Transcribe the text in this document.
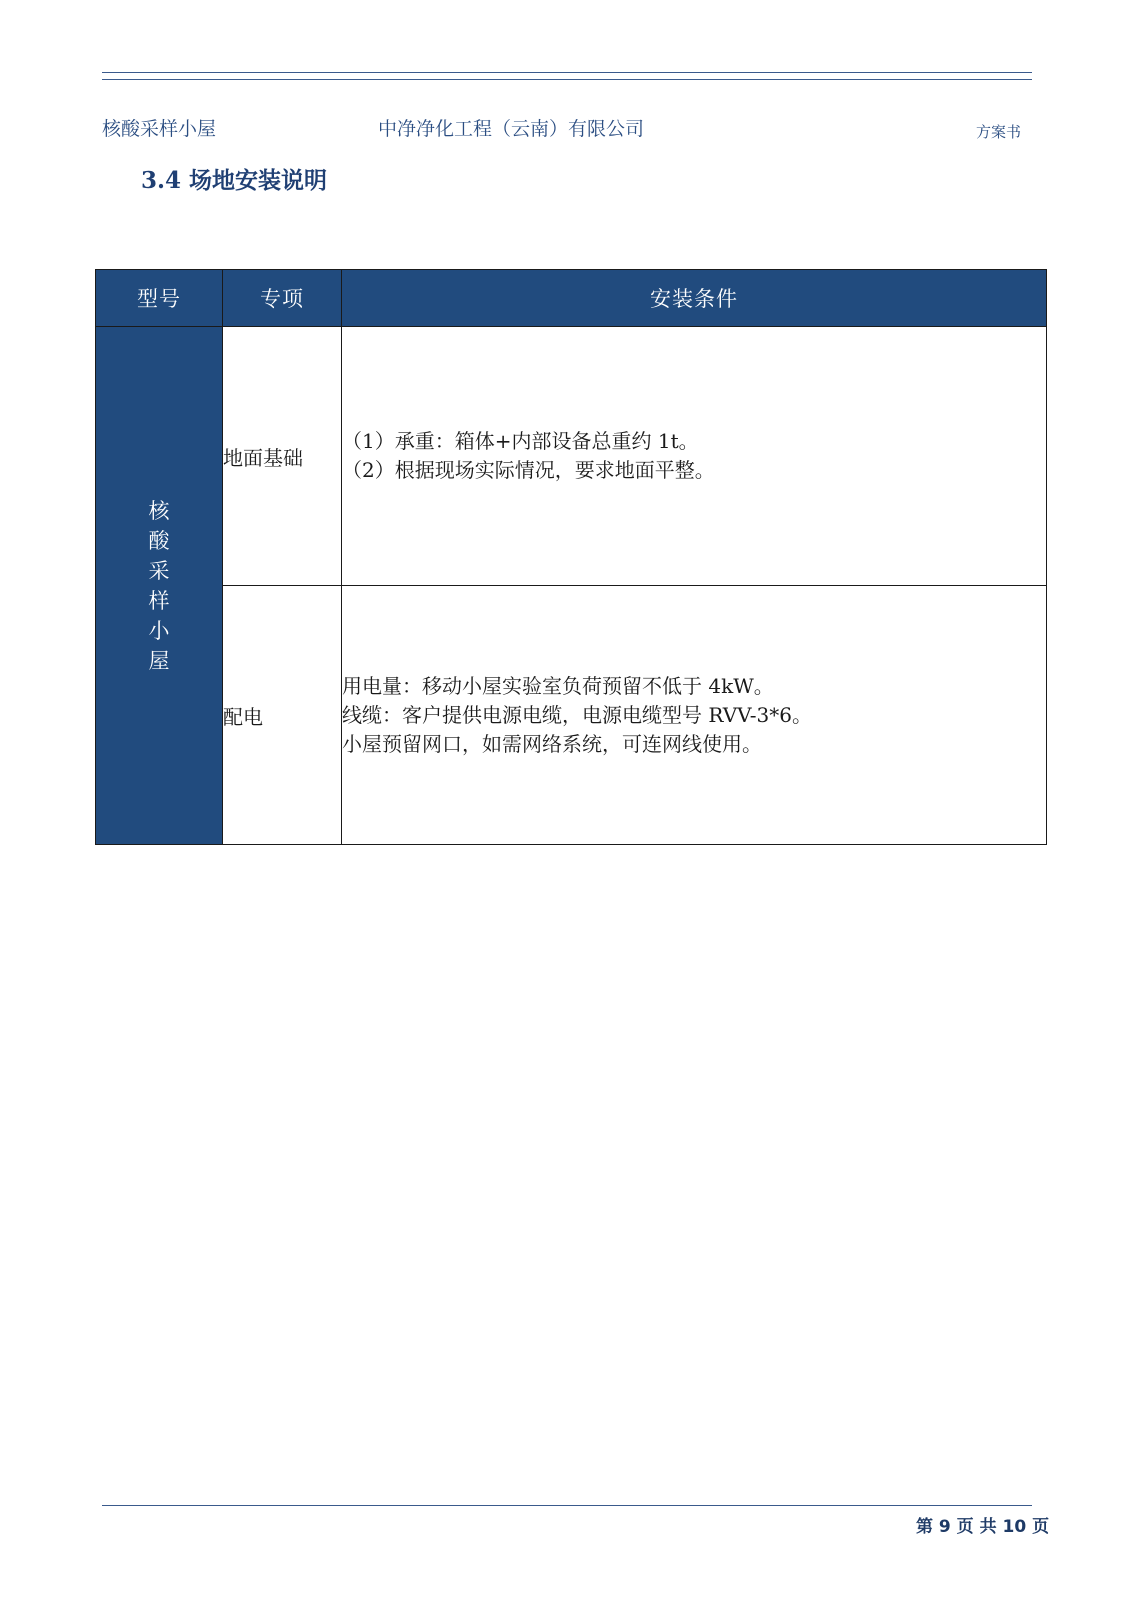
核酸采样小屋	中净净化工程（云南）有限公司	方案书
3.4 场地安装说明
型号	专项	安装条件
核酸采样小屋	地面基础	（1）承重：箱体+内部设备总重约 1t。
（2）根据现场实际情况，要求地面平整。

	配电	用电量：移动小屋实验室负荷预留不低于 4kW。
线缆：客户提供电源电缆，电源电缆型号 RVV-3*6。
小屋预留网口，如需网络系统，可连网线使用。
第 9 页 共 10 页
